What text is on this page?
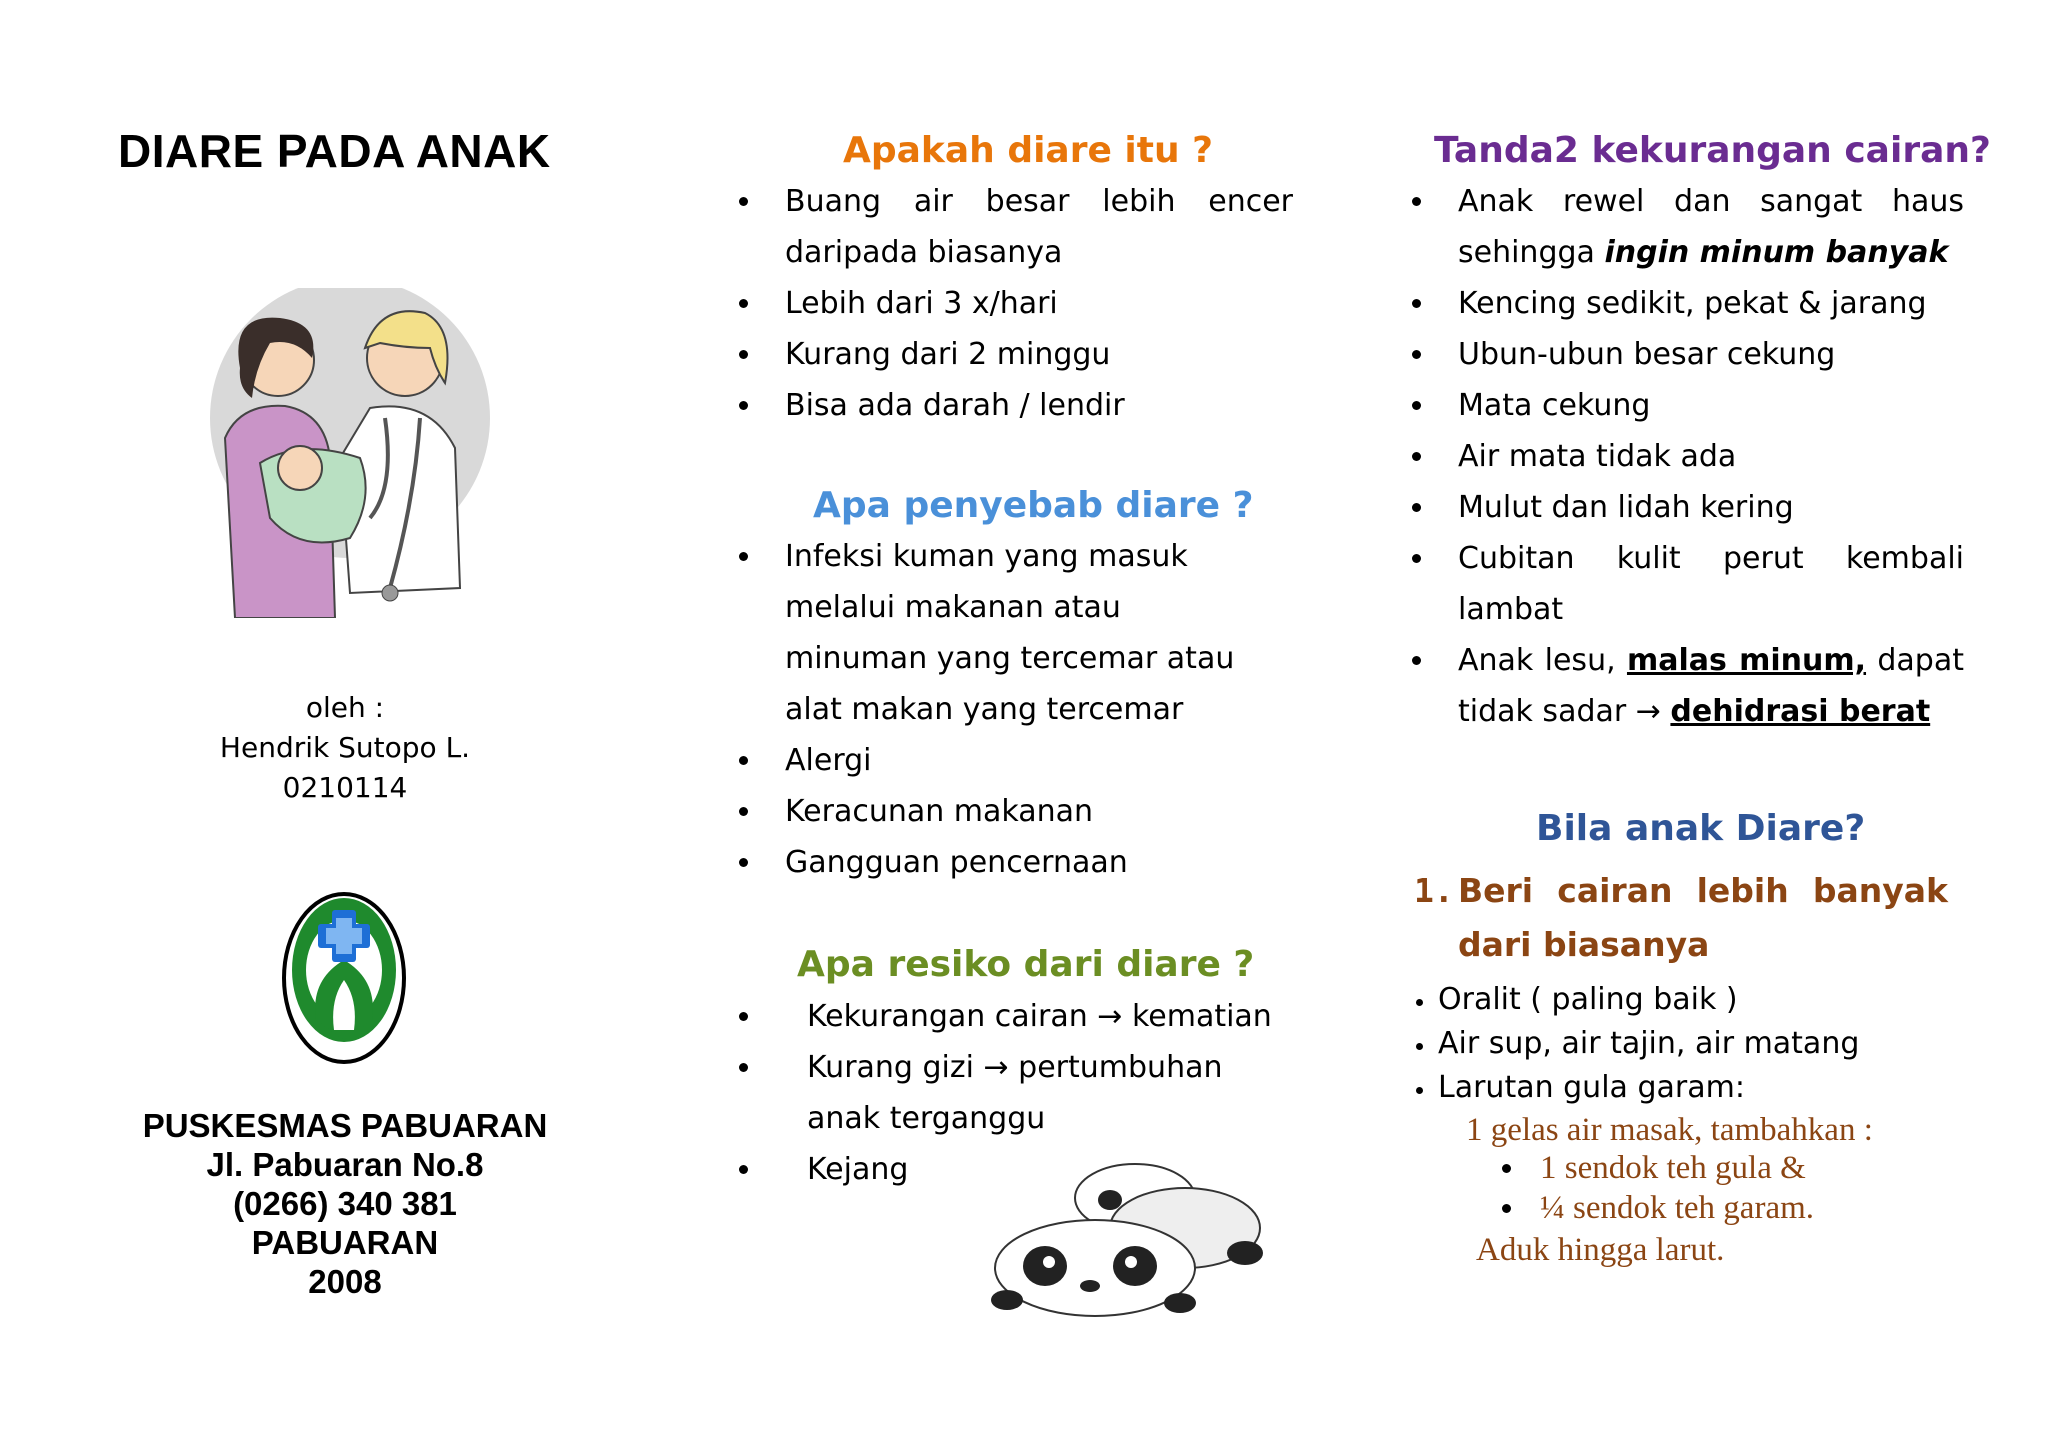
DIARE PADA ANAK
oleh :
Hendrik Sutopo L.
0210114
PUSKESMAS PABUARAN
Jl. Pabuaran No.8
(0266) 340 381
PABUARAN
2008
Apakah diare itu ?
Buang air besar lebih encer daripada biasanya
Lebih dari 3 x/hari
Kurang dari 2 minggu
Bisa ada darah / lendir
Apa penyebab diare ?
Infeksi kuman yang masuk melalui makanan atau minuman yang tercemar atau alat makan yang tercemar
Alergi
Keracunan makanan
Gangguan pencernaan
Apa resiko dari diare ?
Kekurangan cairan → kematian
Kurang gizi → pertumbuhan anak terganggu
Kejang
Tanda2 kekurangan cairan?
Anak rewel dan sangat haus sehingga ingin minum banyak
Kencing sedikit, pekat & jarang
Ubun-ubun besar cekung
Mata cekung
Air mata tidak ada
Mulut dan lidah kering
Cubitan kulit perut kembali lambat
Anak lesu, malas minum, dapat tidak sadar → dehidrasi berat
Bila anak Diare?
1. Beri cairan lebih banyak
dari biasanya
Oralit ( paling baik )
Air sup, air tajin, air matang
Larutan gula garam:
1 gelas air masak, tambahkan :
1 sendok teh gula &
¼ sendok teh garam.
Aduk hingga larut.
